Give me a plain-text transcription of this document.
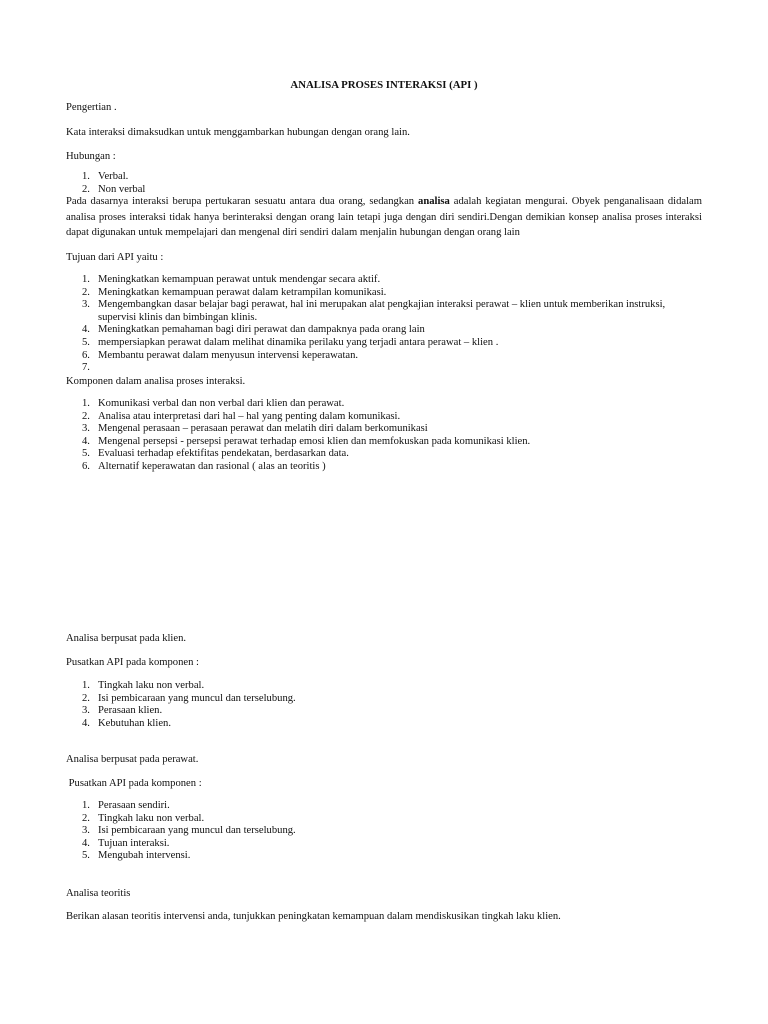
ANALISA PROSES INTERAKSI (API )
Pengertian .
Kata interaksi dimaksudkan untuk menggambarkan hubungan dengan orang lain.
Hubungan :
1. Verbal.
2. Non verbal
Pada dasarnya interaksi berupa pertukaran sesuatu antara dua orang, sedangkan analisa adalah kegiatan mengurai. Obyek penganalisaan didalam analisa proses interaksi tidak hanya berinteraksi dengan orang lain tetapi juga dengan diri sendiri.Dengan demikian konsep analisa proses interaksi dapat digunakan untuk mempelajari dan mengenal diri sendiri dalam menjalin hubungan dengan orang lain
Tujuan dari API yaitu :
1. Meningkatkan kemampuan perawat untuk mendengar secara aktif.
2. Meningkatkan kemampuan perawat dalam ketrampilan komunikasi.
3. Mengembangkan dasar belajar bagi perawat, hal ini merupakan alat pengkajian interaksi perawat – klien untuk memberikan instruksi, supervisi klinis dan bimbingan klinis.
4. Meningkatkan pemahaman bagi diri perawat dan dampaknya pada orang lain
5. mempersiapkan perawat dalam melihat dinamika perilaku yang terjadi antara perawat – klien .
6. Membantu perawat dalam menyusun intervensi keperawatan.
7.
Komponen dalam analisa proses interaksi.
1. Komunikasi verbal dan non verbal dari klien dan perawat.
2. Analisa atau interpretasi dari hal – hal yang penting dalam komunikasi.
3. Mengenal perasaan – perasaan perawat dan melatih diri dalam berkomunikasi
4. Mengenal persepsi - persepsi perawat terhadap emosi klien dan memfokuskan pada komunikasi klien.
5. Evaluasi terhadap efektifitas pendekatan, berdasarkan data.
6. Alternatif keperawatan dan rasional ( alas an teoritis )
Analisa berpusat pada klien.
Pusatkan API pada komponen :
1. Tingkah laku non verbal.
2. Isi pembicaraan yang muncul dan terselubung.
3. Perasaan klien.
4. Kebutuhan klien.
Analisa berpusat pada perawat.
Pusatkan API pada komponen :
1. Perasaan sendiri.
2. Tingkah laku non verbal.
3. Isi pembicaraan yang muncul dan terselubung.
4. Tujuan interaksi.
5. Mengubah intervensi.
Analisa teoritis
Berikan alasan teoritis intervensi anda, tunjukkan peningkatan kemampuan dalam mendiskusikan tingkah laku klien.
